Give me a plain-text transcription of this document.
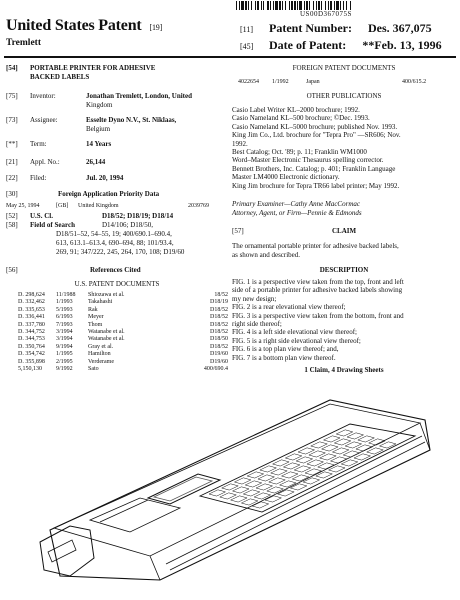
US00D367075S
United States Patent [19]
Tremlett
[11] Patent Number: Des. 367,075
[45] Date of Patent: **Feb. 13, 1996
[54] PORTABLE PRINTER FOR ADHESIVE
BACKED LABELS
[75] Inventor:	Jonathan Tremlett, London, United
Kingdom
[73] Assignee:	Esselte Dyno N.V., St. Niklaas,
Belgium
[**] Term:	14 Years
[21] Appl. No.:	26,144
[22] Filed:	Jul. 20, 1994
[30]	Foreign Application Priority Data
May 25, 1994	[GB] United Kingdom	2039769
[52] U.S. Cl.	D18/52; D18/19; D18/14
[58] Field of Search	D14/106; D18/50,
D18/51–52, 54–55, 19; 400/690.1–690.4,
613, 613.1–613.4, 690–694, 88; 101/93.4,
269, 91; 347/222, 245, 264, 170, 108; D19/60
[56]	References Cited
U.S. PATENT DOCUMENTS
D. 298,624	11/1988	Shiozawa et al.	18/52
D. 332,462	1/1993	Takahashi	D18/19
D. 335,653	5/1993	Rak	D18/52
D. 336,441	6/1993	Meyer	D18/52
D. 337,780	7/1993	Thom	D18/52
D. 344,752	3/1994	Watanabe et al.	D18/52
D. 344,753	3/1994	Watanabe et al.	D18/50
D. 350,764	9/1994	Gray et al.	D18/52
D. 354,742	1/1995	Hamilton	D19/60
D. 355,898	2/1995	Verderame	D19/60
5,150,130	9/1992	Sato	400/690.4
FOREIGN PATENT DOCUMENTS
4022654 1/1992	Japan	400/615.2
OTHER PUBLICATIONS
Casio Label Writer KL–2000 brochure; 1992.
Casio Nameland KL–500 brochure; ©Dec. 1993.
Casio Nameland KL–5000 brochure; published Nov. 1993.
King Jim Co., Ltd. brochure for "Tepra Pro" —SR606; Nov.
1992.
Best Catalog; Oct. '89; p. 11; Franklin WM1000
Word–Master Electronic Thesaurus spelling corrector.
Bennett Brothers, Inc. Catalog; p. 401; Franklin Language
Master LM4000 Electronic dictionary.
King Jim brochure for Tepra TR66 label printer; May 1992.
Primary Examiner—Cathy Anne MacCormac
Attorney, Agent, or Firm—Pennie & Edmonds
[57]	CLAIM
The ornamental portable printer for adhesive backed labels,
as shown and described.
DESCRIPTION
FIG. 1 is a perspective view taken from the top, front and left
side of a portable printer for adhesive backed labels showing
my new design;
FIG. 2 is a rear elevational view thereof;
FIG. 3 is a perspective view taken from the bottom, front and
right side thereof;
FIG. 4 is a left side elevational view thereof;
FIG. 5 is a right side elevational view thereof;
FIG. 6 is a top plan view thereof; and,
FIG. 7 is a bottom plan view thereof.
1 Claim, 4 Drawing Sheets
